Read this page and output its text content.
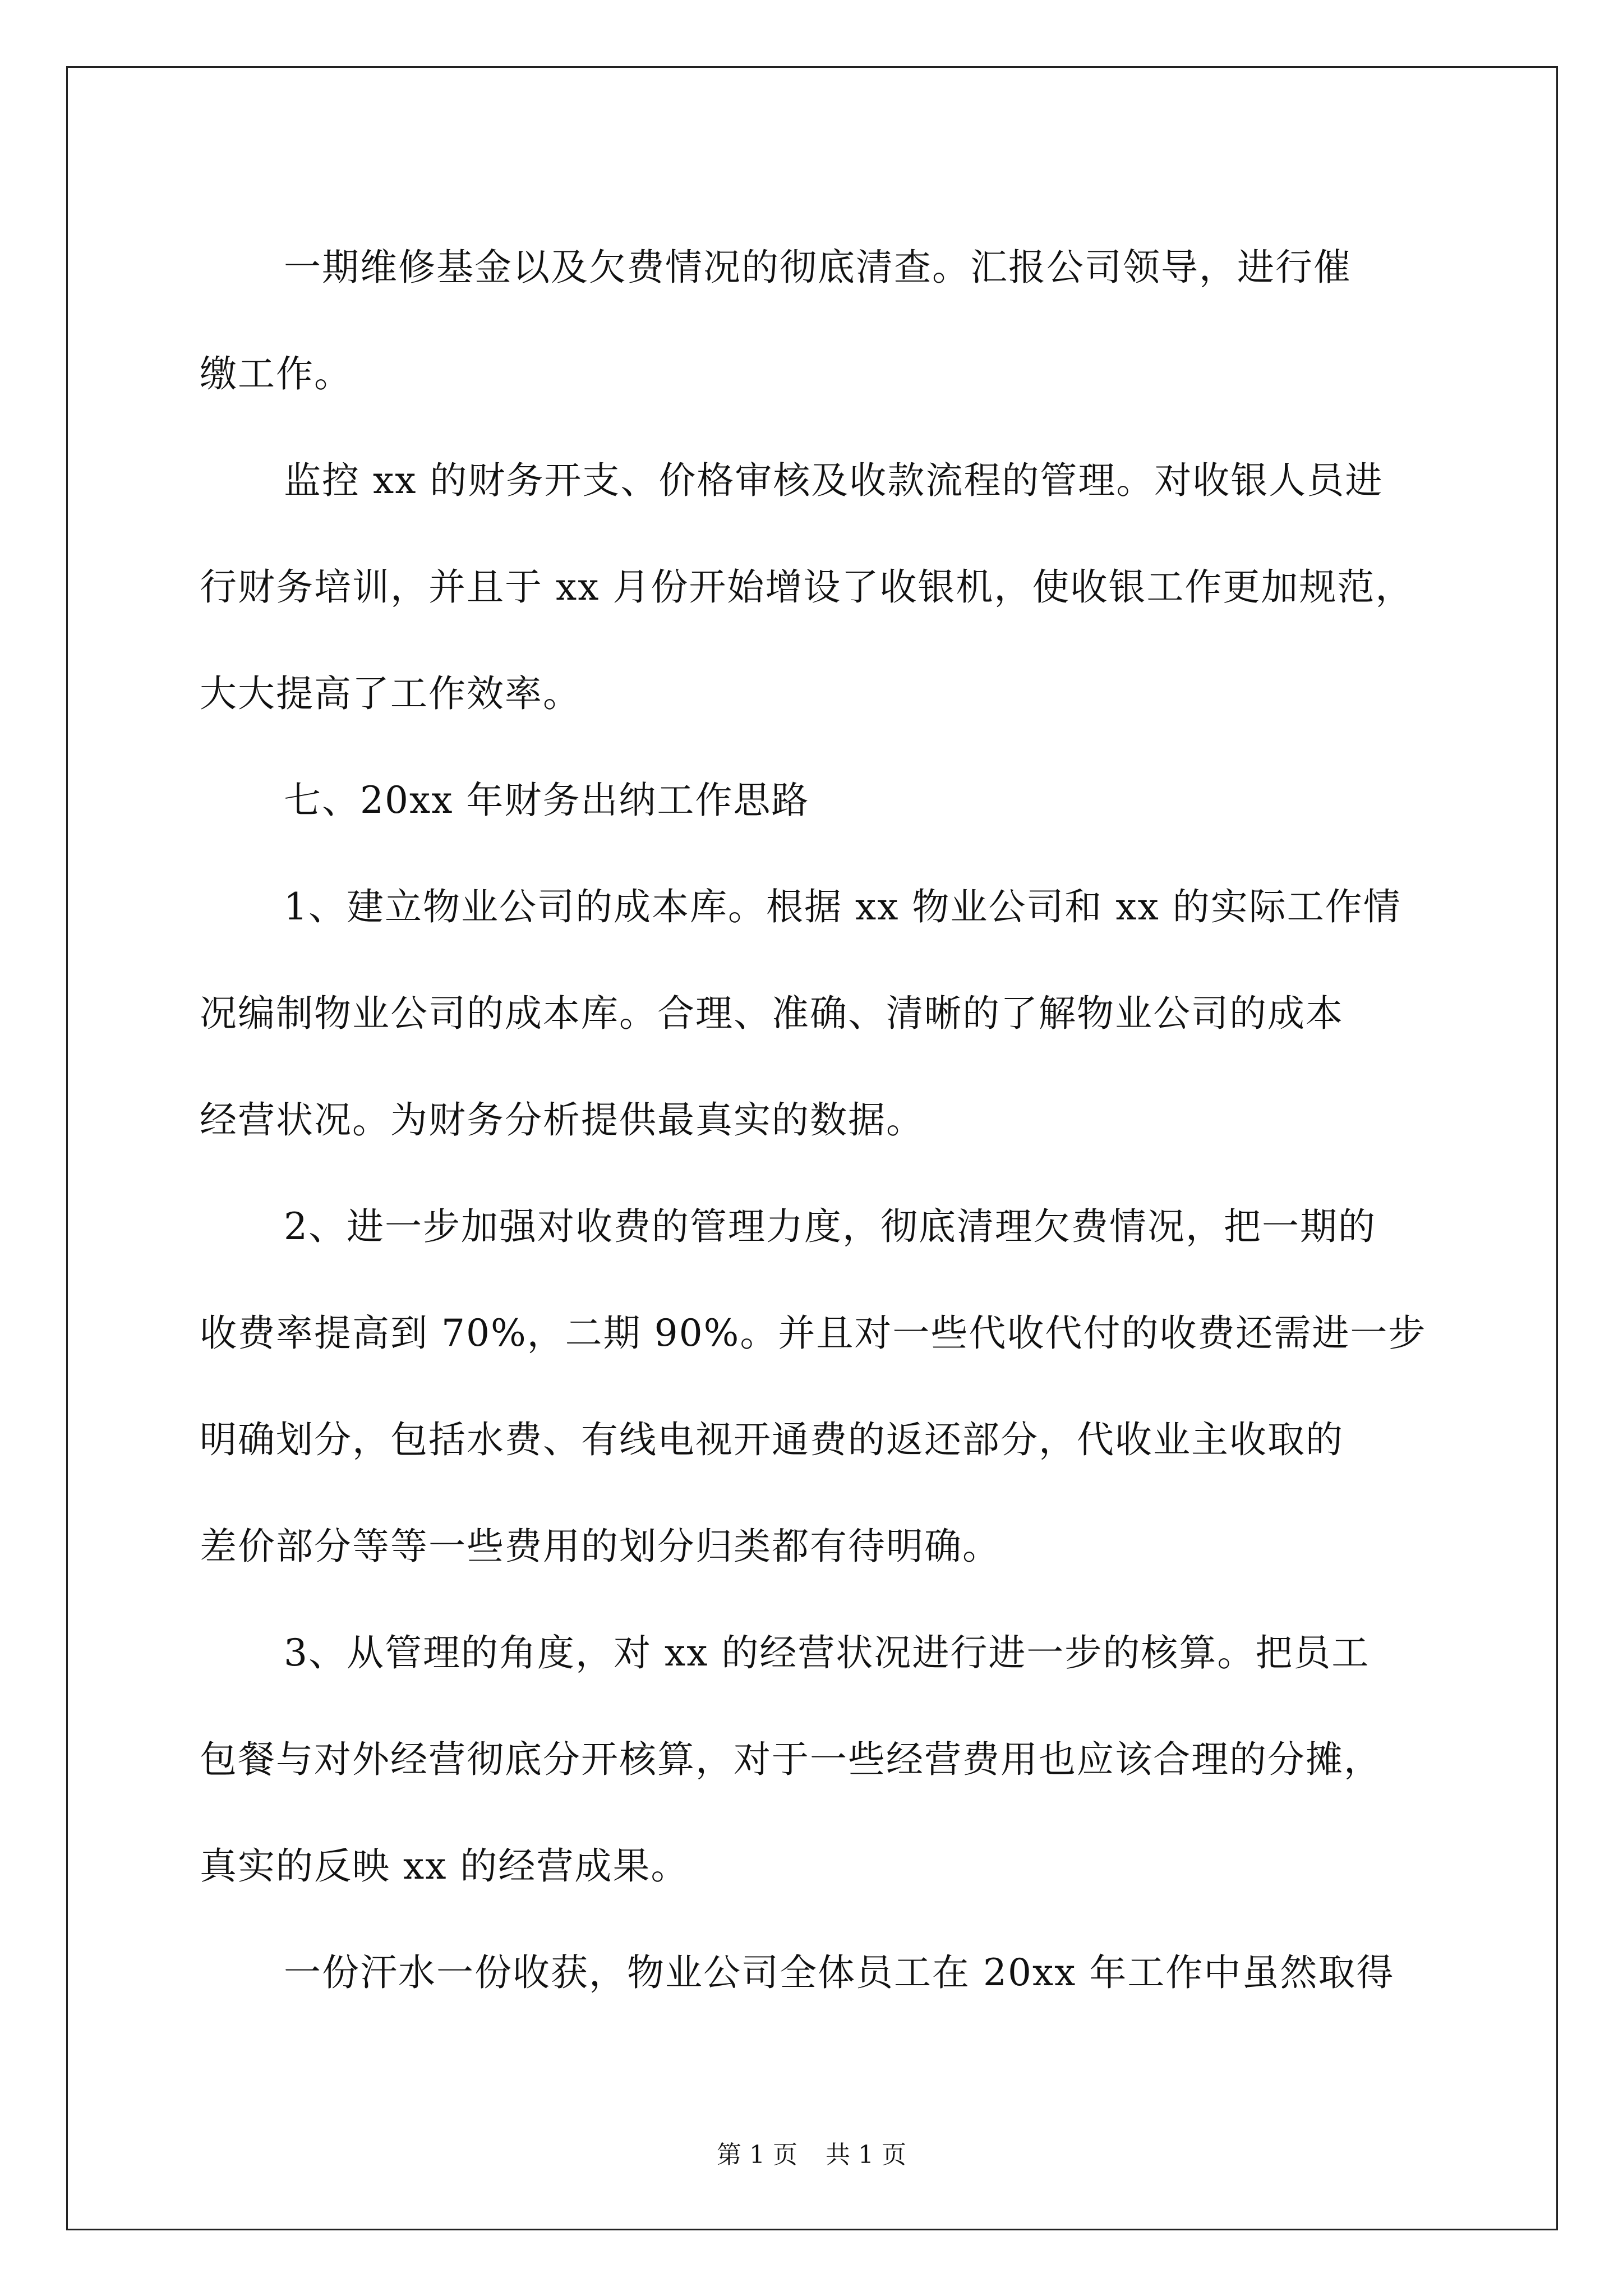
一期维修基金以及欠费情况的彻底清查。汇报公司领导，进行催
缴工作。

监控 xx 的财务开支、价格审核及收款流程的管理。对收银人员进
行财务培训，并且于 xx 月份开始增设了收银机，使收银工作更加规范，
大大提高了工作效率。

七、20xx 年财务出纳工作思路

1、建立物业公司的成本库。根据 xx 物业公司和 xx 的实际工作情
况编制物业公司的成本库。合理、准确、清晰的了解物业公司的成本
经营状况。为财务分析提供最真实的数据。

2、进一步加强对收费的管理力度，彻底清理欠费情况，把一期的
收费率提高到 70%，二期 90%。并且对一些代收代付的收费还需进一步
明确划分，包括水费、有线电视开通费的返还部分，代收业主收取的
差价部分等等一些费用的划分归类都有待明确。

3、从管理的角度，对 xx 的经营状况进行进一步的核算。把员工
包餐与对外经营彻底分开核算，对于一些经营费用也应该合理的分摊，
真实的反映 xx 的经营成果。

一份汗水一份收获，物业公司全体员工在 20xx 年工作中虽然取得

第 1 页 共 1 页
